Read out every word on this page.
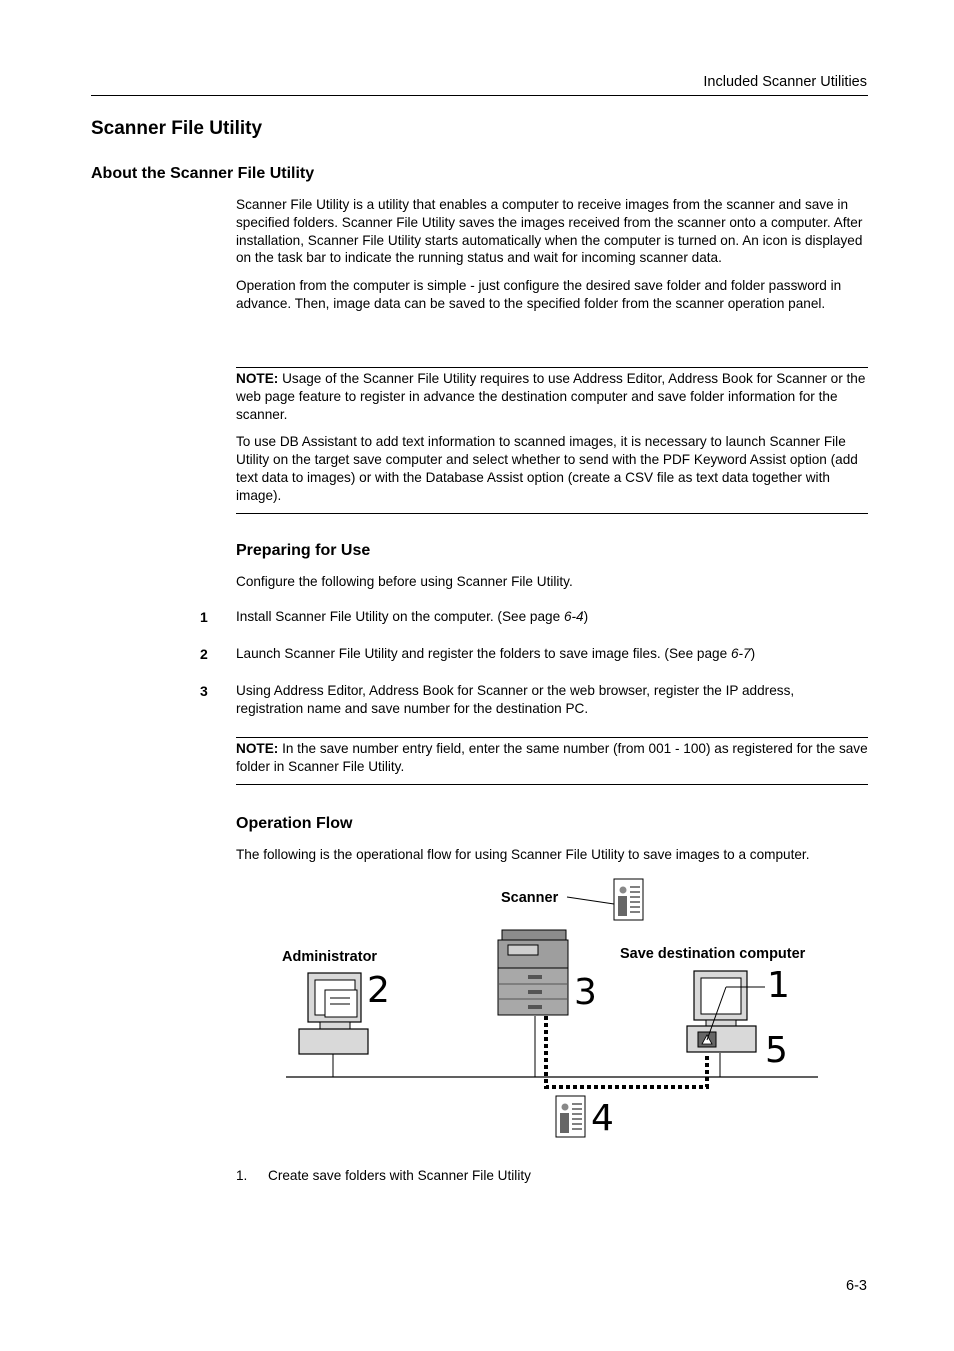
Included Scanner Utilities
Scanner File Utility
About the Scanner File Utility

Scanner File Utility is a utility that enables a computer to receive images from the scanner and save in specified folders. Scanner File Utility saves the images received from the scanner onto a computer. After installation, Scanner File Utility starts automatically when the computer is turned on. An icon is displayed on the task bar to indicate the running status and wait for incoming scanner data.

Operation from the computer is simple - just configure the desired save folder and folder password in advance. Then, image data can be saved to the specified folder from the scanner operation panel.

NOTE: Usage of the Scanner File Utility requires to use Address Editor, Address Book for Scanner or the web page feature to register in advance the destination computer and save folder information for the scanner.

To use DB Assistant to add text information to scanned images, it is necessary to launch Scanner File Utility on the target save computer and select whether to send with the PDF Keyword Assist option (add text data to images) or with the Database Assist option (create a CSV file as text data together with image).

Preparing for Use
Configure the following before using Scanner File Utility.
1 Install Scanner File Utility on the computer. (See page 6-4)
2 Launch Scanner File Utility and register the folders to save image files. (See page 6-7)
3 Using Address Editor, Address Book for Scanner or the web browser, register the IP address, registration name and save number for the destination PC.

NOTE: In the save number entry field, enter the same number (from 001 - 100) as registered for the save folder in Scanner File Utility.

Operation Flow
The following is the operational flow for using Scanner File Utility to save images to a computer.
Scanner
Administrator	Save destination computer
1
2	3
4
5
1. Create save folders with Scanner File Utility
6-3
